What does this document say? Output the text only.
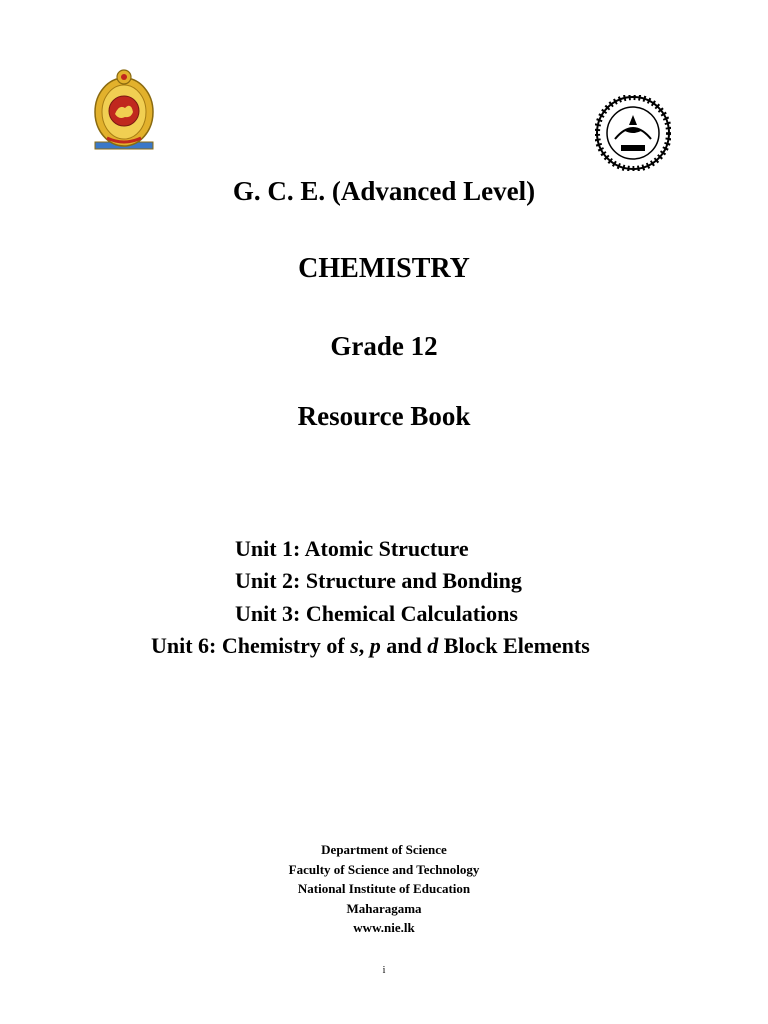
G. C. E. (Advanced Level)
CHEMISTRY
Grade 12
Resource Book
Unit 1: Atomic Structure
Unit 2: Structure and Bonding
Unit 3: Chemical Calculations
Unit 6: Chemistry of s, p and d Block Elements
Department of Science
Faculty of Science and Technology
National Institute of Education
Maharagama
www.nie.lk
i
